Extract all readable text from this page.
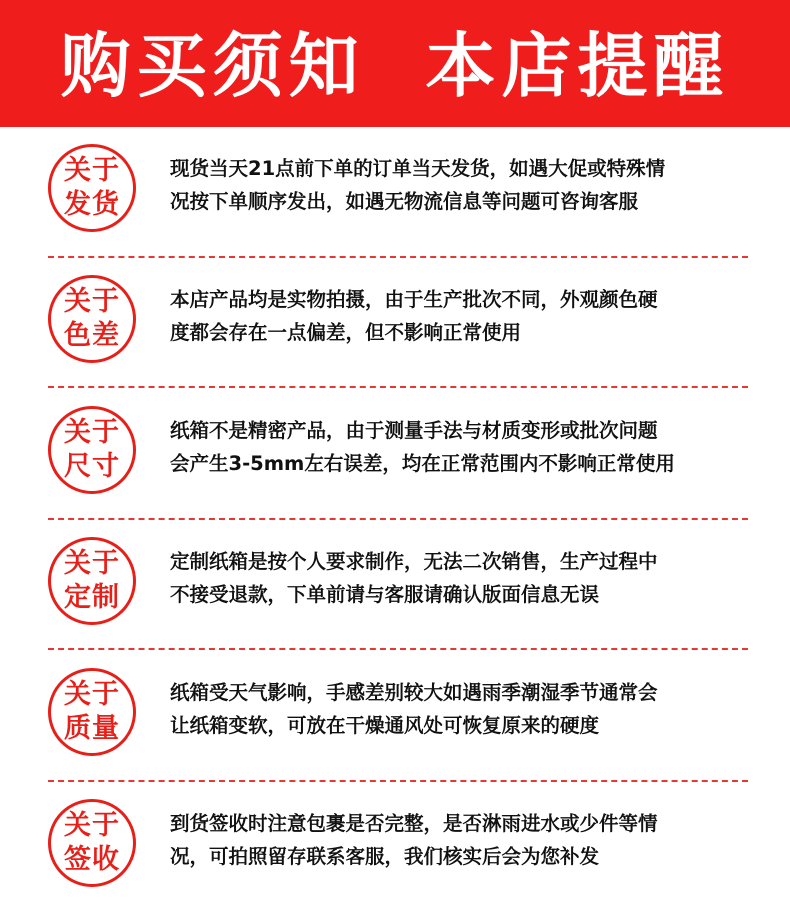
购买须知  本店提醒
关于
发货
现货当天21点前下单的订单当天发货，如遇大促或特殊情
况按下单顺序发出，如遇无物流信息等问题可咨询客服
关于
色差
本店产品均是实物拍摄，由于生产批次不同，外观颜色硬
度都会存在一点偏差，但不影响正常使用
关于
尺寸
纸箱不是精密产品，由于测量手法与材质变形或批次问题
会产生3-5mm左右误差，均在正常范围内不影响正常使用
关于
定制
定制纸箱是按个人要求制作，无法二次销售，生产过程中
不接受退款，下单前请与客服请确认版面信息无误
关于
质量
纸箱受天气影响，手感差别较大如遇雨季潮湿季节通常会
让纸箱变软，可放在干燥通风处可恢复原来的硬度
关于
签收
到货签收时注意包裹是否完整，是否淋雨进水或少件等情
况，可拍照留存联系客服，我们核实后会为您补发
